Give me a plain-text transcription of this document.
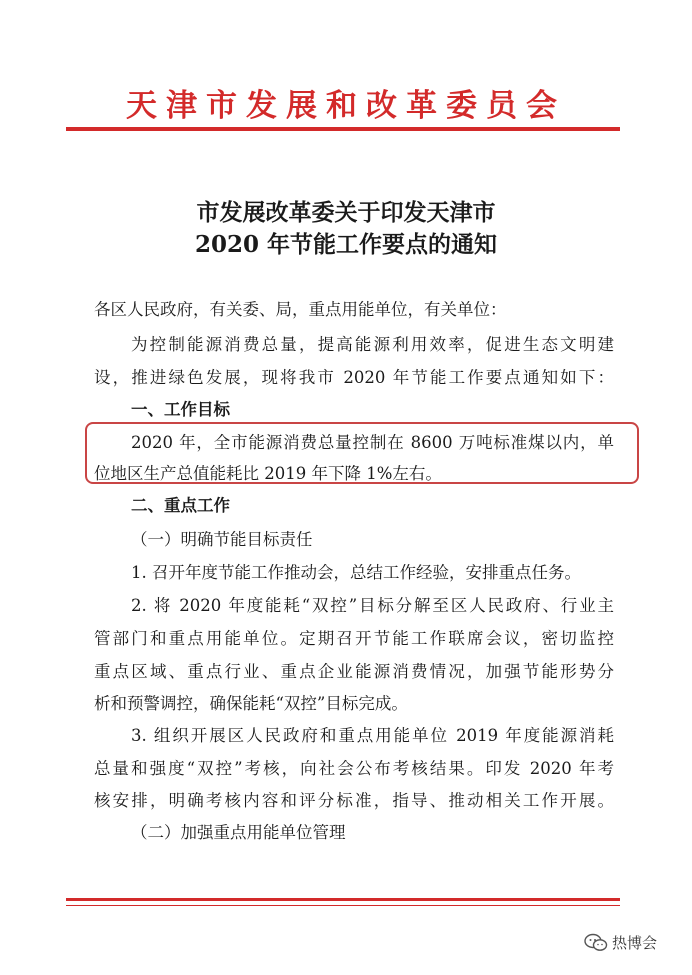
天津市发展和改革委员会
市发展改革委关于印发天津市
2020 年节能工作要点的通知
各区人民政府，有关委、局，重点用能单位，有关单位：
为控制能源消费总量，提高能源利用效率，促进生态文明建
设，推进绿色发展，现将我市 2020 年节能工作要点通知如下：
一、工作目标
2020 年，全市能源消费总量控制在 8600 万吨标准煤以内，单
位地区生产总值能耗比 2019 年下降 1%左右。
二、重点工作
（一）明确节能目标责任
1. 召开年度节能工作推动会，总结工作经验，安排重点任务。
2. 将 2020 年度能耗“双控”目标分解至区人民政府、行业主
管部门和重点用能单位。定期召开节能工作联席会议，密切监控
重点区域、重点行业、重点企业能源消费情况，加强节能形势分
析和预警调控，确保能耗“双控”目标完成。
3. 组织开展区人民政府和重点用能单位 2019 年度能源消耗
总量和强度“双控”考核，向社会公布考核结果。印发 2020 年考
核安排，明确考核内容和评分标准，指导、推动相关工作开展。
（二）加强重点用能单位管理
热博会
